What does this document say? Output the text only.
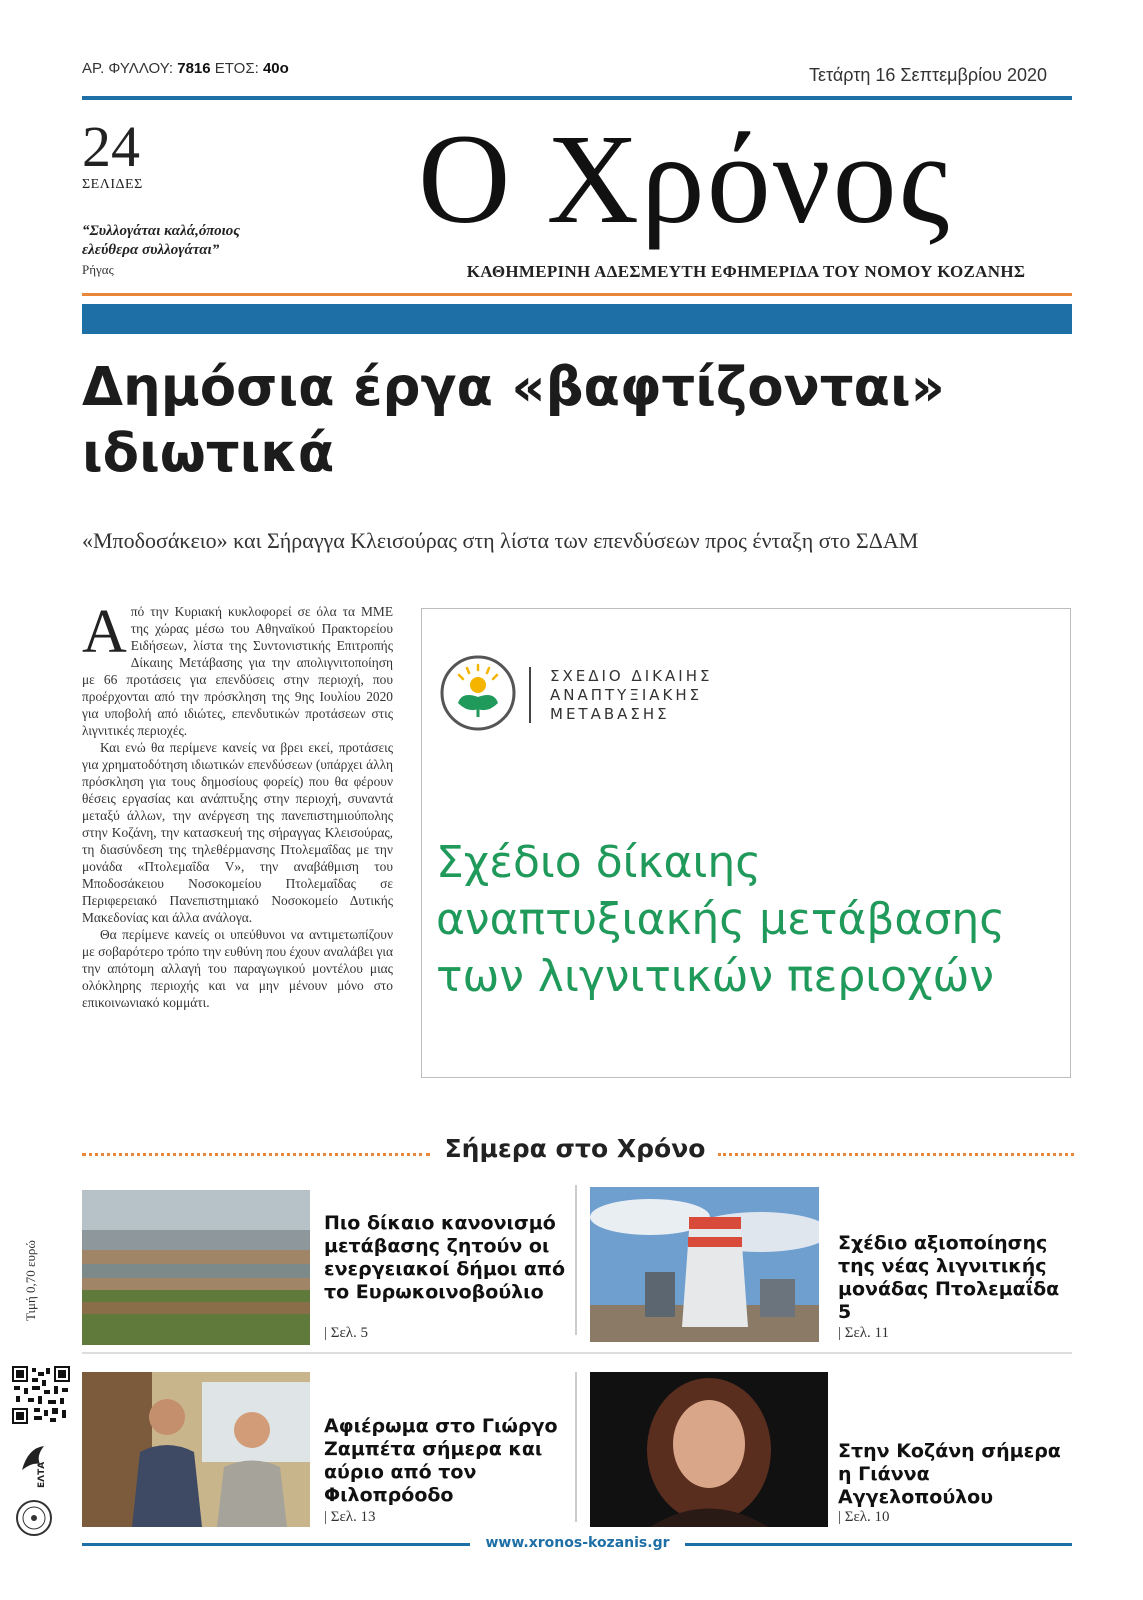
ΑΡ. ΦΥΛΛΟΥ: 7816 ΕΤΟΣ: 40ο	Τετάρτη 16 Σεπτεμβρίου 2020
24
ΣΕΛΙΔΕΣ
“Συλλογάται καλά,όποιος ελεύθερα συλλογάται”
Ρήγας
Ο Χρόνος
ΚΑΘΗΜΕΡΙΝΗ ΑΔΕΣΜΕΥΤΗ ΕΦΗΜΕΡΙΔΑ ΤΟΥ ΝΟΜΟΥ ΚΟΖΑΝΗΣ
Δημόσια έργα «βαφτίζονται»
ιδιωτικά
«Μποδοσάκειο» και Σήραγγα Κλεισούρας στη λίστα των επενδύσεων προς ένταξη στο ΣΔΑΜ

Από την Κυριακή κυκλοφορεί σε όλα τα ΜΜΕ της χώρας μέσω του Αθηναϊκού Πρακτορείου Ειδήσεων, λίστα της Συντονιστικής Επιτροπής Δίκαιης Μετάβασης για την απολιγνιτοποίηση με 66 προτάσεις για επενδύσεις στην περιοχή, που προέρχονται από την πρόσκληση της 9ης Ιουλίου 2020 για υποβολή από ιδιώτες, επενδυτικών προτάσεων στις λιγνιτικές περιοχές.

Και ενώ θα περίμενε κανείς να βρει εκεί, προτάσεις για χρηματοδότηση ιδιωτικών επενδύσεων (υπάρχει άλλη πρόσκληση για τους δημοσίους φορείς) που θα φέρουν θέσεις εργασίας και ανάπτυξης στην περιοχή, συναντά μεταξύ άλλων, την ανέργεση της πανεπιστημιούπολης στην Κοζάνη, την κατασκευή της σήραγγας Κλεισούρας, τη διασύνδεση της τηλεθέρμανσης Πτολεμαΐδας με την μονάδα «Πτολεμαΐδα V», την αναβάθμιση του Μποδοσάκειου Νοσοκομείου Πτολεμαΐδας σε Περιφερειακό Πανεπιστημιακό Νοσοκομείο Δυτικής Μακεδονίας και άλλα ανάλογα.

Θα περίμενε κανείς οι υπεύθυνοι να αντιμετωπίζουν με σοβαρότερο τρόπο την ευθύνη που έχουν αναλάβει για την απότομη αλλαγή του παραγωγικού μοντέλου μιας ολόκληρης περιοχής και να μην μένουν μόνο στο επικοινωνιακό κομμάτι.

ΣΧΕΔΙΟ ΔΙΚΑΙΗΣ
ΑΝΑΠΤΥΞΙΑΚΗΣ
ΜΕΤΑΒΑΣΗΣ
Σχέδιο δίκαιης
αναπτυξιακής μετάβασης
των λιγνιτικών περιοχών
Σήμερα στο Χρόνο
Πιο δίκαιο κανονισμό μετάβασης ζητούν οι ενεργειακοί δήμοι από το Ευρωκοινοβούλιο
| Σελ. 5
Σχέδιο αξιοποίησης της νέας λιγνιτικής μονάδας Πτολεμαΐδα 5
| Σελ. 11
Αφιέρωμα στο Γιώργο Ζαμπέτα σήμερα και αύριο από τον Φιλοπρόοδο
| Σελ. 13
Στην Κοζάνη σήμερα η Γιάννα Αγγελοπούλου
| Σελ. 10
Τιμή 0,70 ευρώ
ΕΛΤΑ
www.xronos-kozanis.gr
